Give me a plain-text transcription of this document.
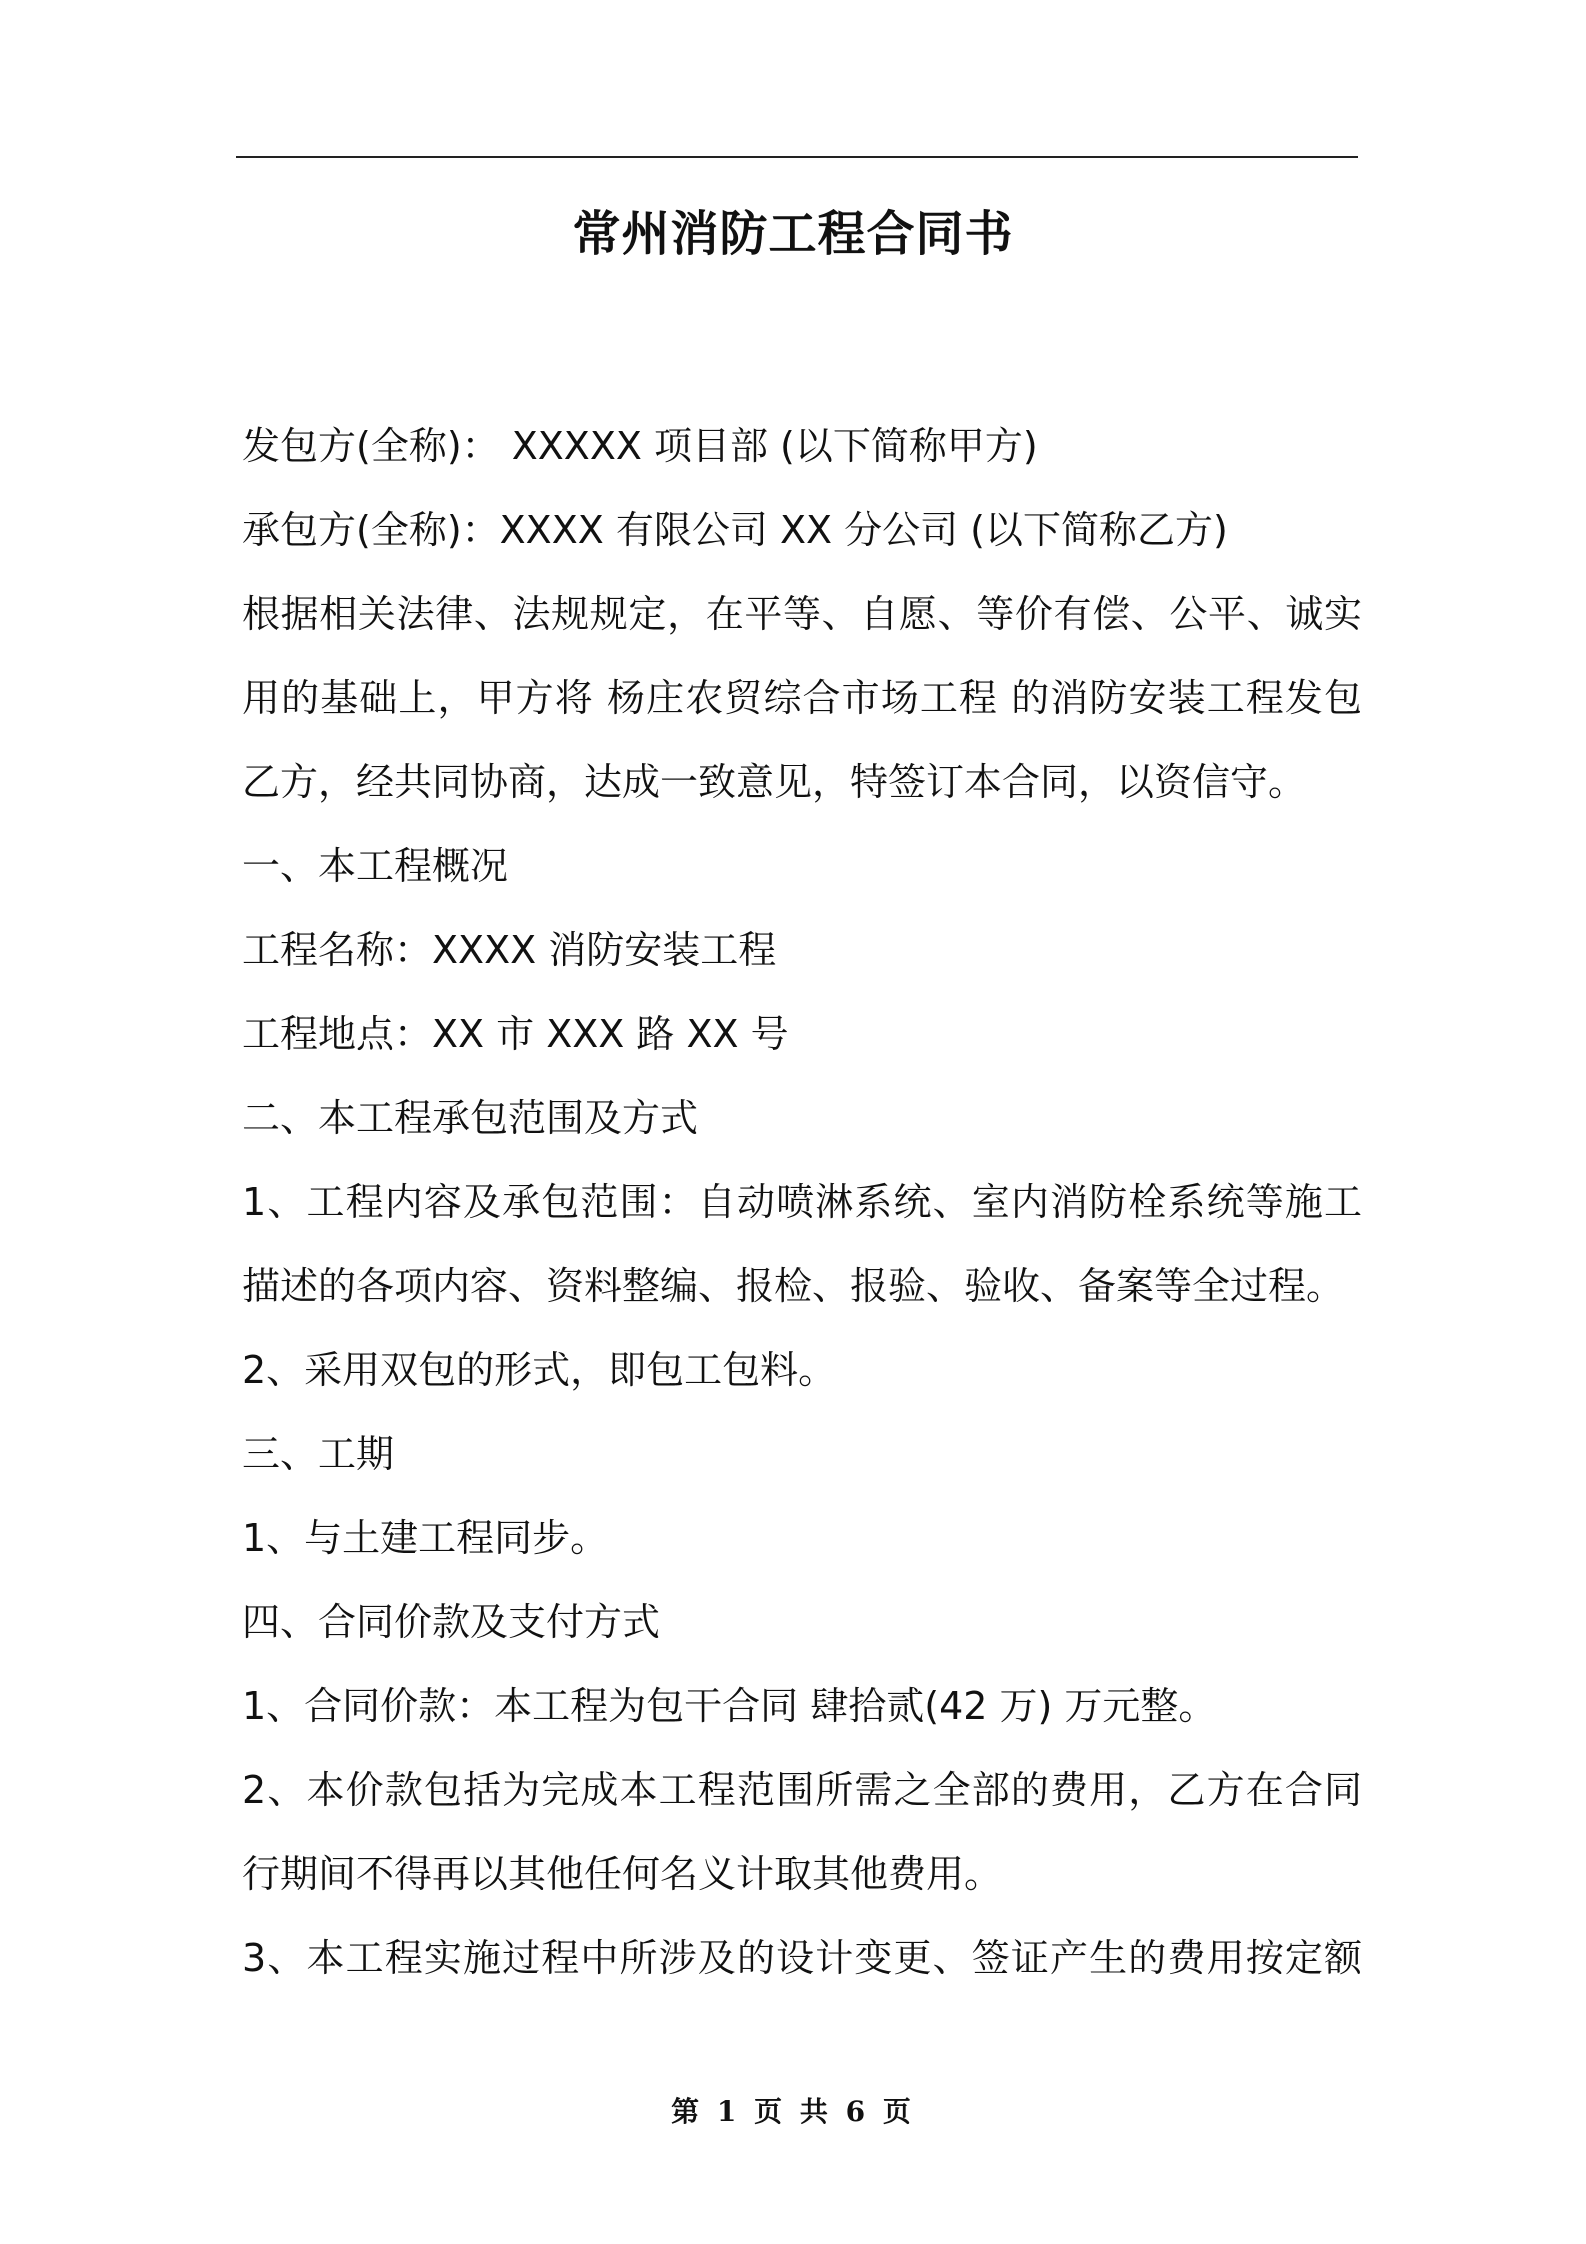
常州消防工程合同书
发包方(全称)： XXXXX 项目部 (以下简称甲方)
承包方(全称)：XXXX 有限公司 XX 分公司 (以下简称乙方)
根据相关法律、法规规定，在平等、自愿、等价有偿、公平、诚实
用的基础上，甲方将 杨庄农贸综合市场工程 的消防安装工程发包
乙方，经共同协商，达成一致意见，特签订本合同，以资信守。
一、本工程概况
工程名称：XXXX 消防安装工程
工程地点：XX 市 XXX 路 XX 号
二、本工程承包范围及方式
1、工程内容及承包范围：自动喷淋系统、室内消防栓系统等施工
描述的各项内容、资料整编、报检、报验、验收、备案等全过程。
2、采用双包的形式，即包工包料。
三、工期
1、与土建工程同步。
四、合同价款及支付方式
1、合同价款：本工程为包干合同 肆拾贰(42 万) 万元整。
2、本价款包括为完成本工程范围所需之全部的费用，乙方在合同
行期间不得再以其他任何名义计取其他费用。
3、本工程实施过程中所涉及的设计变更、签证产生的费用按定额
第 1 页 共 6 页
